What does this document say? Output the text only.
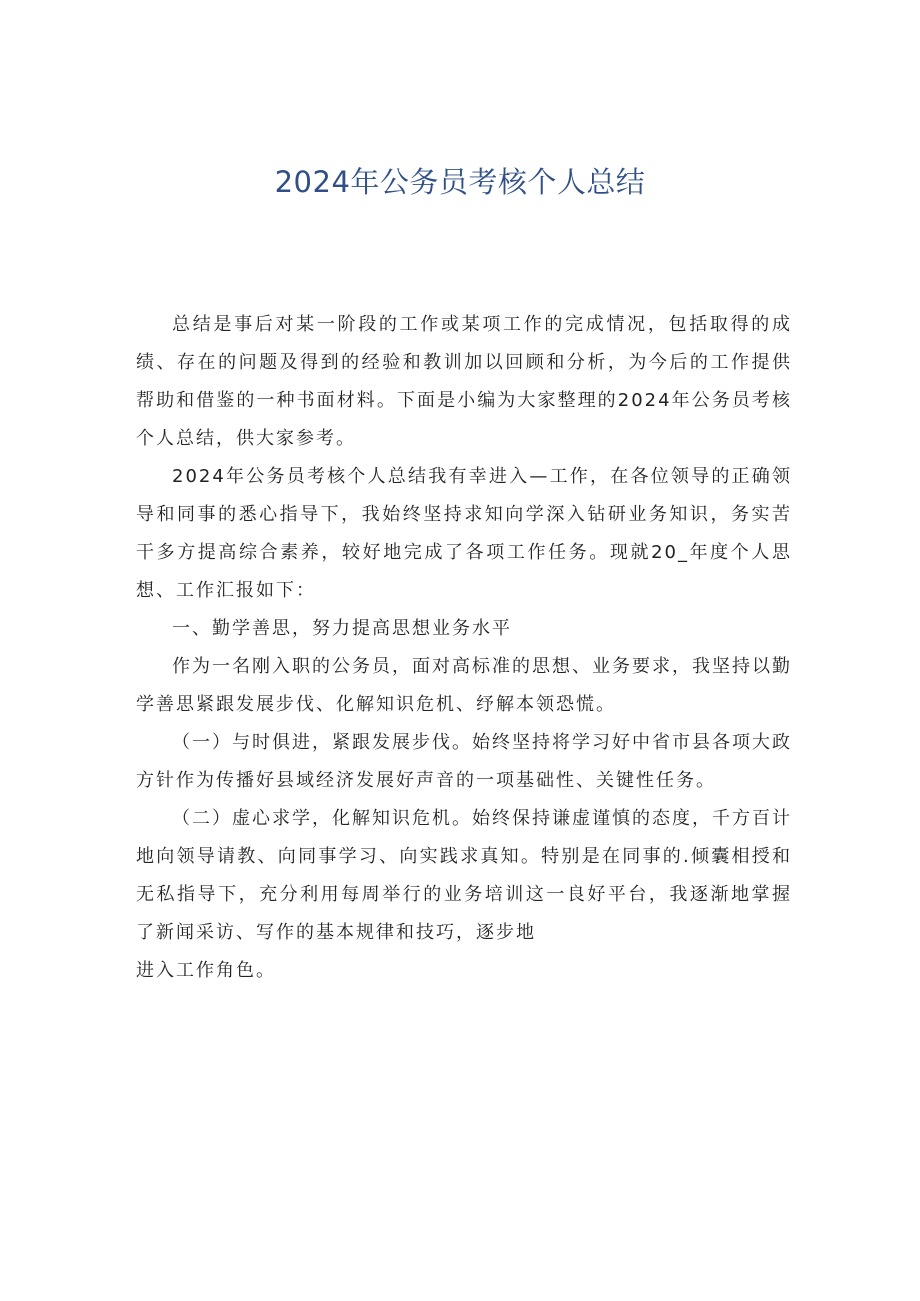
2024年公务员考核个人总结

总结是事后对某一阶段的工作或某项工作的完成情况，包括取得的成绩、存在的问题及得到的经验和教训加以回顾和分析，为今后的工作提供帮助和借鉴的一种书面材料。下面是小编为大家整理的2024年公务员考核个人总结，供大家参考。

2024年公务员考核个人总结我有幸进入—工作，在各位领导的正确领导和同事的悉心指导下，我始终坚持求知向学深入钻研业务知识，务实苦干多方提高综合素养，较好地完成了各项工作任务。现就20_年度个人思想、工作汇报如下：

一、勤学善思，努力提高思想业务水平

作为一名刚入职的公务员，面对高标准的思想、业务要求，我坚持以勤学善思紧跟发展步伐、化解知识危机、纾解本领恐慌。

（一）与时俱进，紧跟发展步伐。始终坚持将学习好中省市县各项大政方针作为传播好县域经济发展好声音的一项基础性、关键性任务。

（二）虚心求学，化解知识危机。始终保持谦虚谨慎的态度，千方百计地向领导请教、向同事学习、向实践求真知。特别是在同事的.倾囊相授和无私指导下，充分利用每周举行的业务培训这一良好平台，我逐渐地掌握了新闻采访、写作的基本规律和技巧，逐步地

进入工作角色。
